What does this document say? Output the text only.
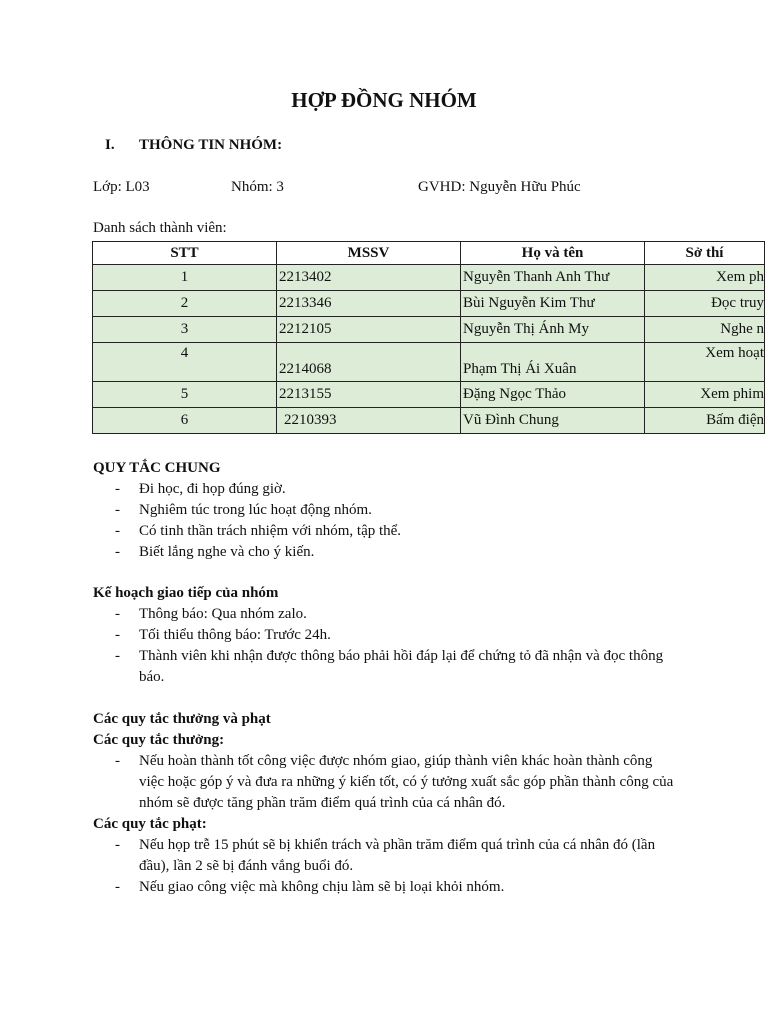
HỢP ĐỒNG NHÓM
I. THÔNG TIN NHÓM:
Lớp: L03	Nhóm: 3	GVHD: Nguyễn Hữu Phúc
Danh sách thành viên:
STT	MSSV	Họ và tên	Sở thí
1	2213402	Nguyễn Thanh Anh Thư	Xem ph
2	2213346	Bùi Nguyễn Kim Thư	Đọc truy
3	2212105	Nguyễn Thị Ánh My	Nghe n
4	2214068	Phạm Thị Ái Xuân	Xem hoạt
5	2213155	Đặng Ngọc Thảo	Xem phim
6	2210393	Vũ Đình Chung	Bấm điện
QUY TẮC CHUNG
- Đi học, đi họp đúng giờ.
- Nghiêm túc trong lúc hoạt động nhóm.
- Có tinh thần trách nhiệm với nhóm, tập thể.
- Biết lắng nghe và cho ý kiến.
Kế hoạch giao tiếp của nhóm
- Thông báo: Qua nhóm zalo.
- Tối thiểu thông báo: Trước 24h.
- Thành viên khi nhận được thông báo phải hồi đáp lại để chứng tỏ đã nhận và đọc thông báo.
Các quy tắc thưởng và phạt
Các quy tắc thưởng:
- Nếu hoàn thành tốt công việc được nhóm giao, giúp thành viên khác hoàn thành công việc hoặc góp ý và đưa ra những ý kiến tốt, có ý tưởng xuất sắc góp phần thành công của nhóm sẽ được tăng phần trăm điểm quá trình của cá nhân đó.
Các quy tắc phạt:
- Nếu họp trễ 15 phút sẽ bị khiển trách và phần trăm điểm quá trình của cá nhân đó (lần đầu), lần 2 sẽ bị đánh vắng buổi đó.
- Nếu giao công việc mà không chịu làm sẽ bị loại khỏi nhóm.
